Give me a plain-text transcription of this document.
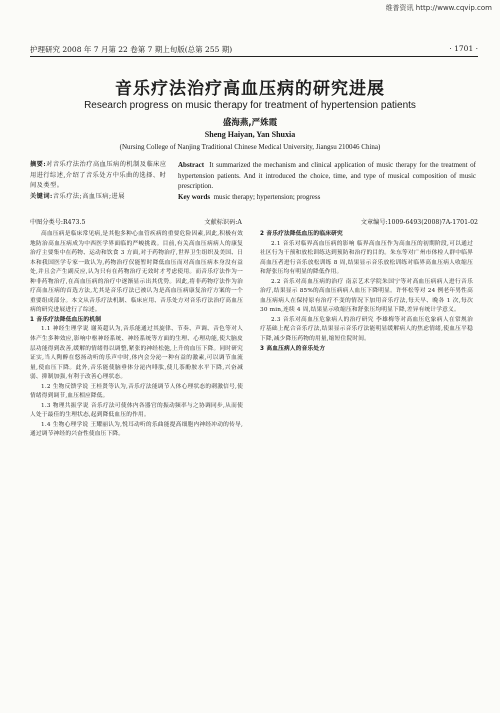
维普资讯 http://www.cqvip.com
护理研究 2008 年 7 月第 22 卷第 7 期上旬版(总第 255 期)	· 1701 ·
音乐疗法治疗高血压病的研究进展
Research progress on music therapy for treatment of hypertension patients
盛海燕,严姝霞
Sheng Haiyan, Yan Shuxia
(Nursing College of Nanjing Traditional Chinese Medical University, Jiangsu 210046 China)
摘要:对音乐疗法治疗高血压病的机制及临床应用进行综述,介绍了音乐处方中乐曲的选择、时间及类型。
关键词:音乐疗法;高血压病;进展
Abstract It summarized the mechanism and clinical application of music therapy for the treatment of hypertension patients. And it introduced the choice, time, and type of musical composition of music prescription.
Key words music therapy; hypertension; progress
中图分类号:R473.5	文献标识码:A	文章编号:1009-6493(2008)7A-1701-02

高血压病是临床常见病,是其他多种心血管疾病的重要危险因素,因此,积极有效地防治高血压病成为中西医学界面临的严峻挑战。目前,有关高血压病病人的康复治疗主要集中在药物、运动和饮食 3 方面,对于药物治疗,世界卫生组织及美国、日本和我国医学专家一致认为,药物治疗仅能暂时降低血压而对高血压病本身没有益处,并且会产生副反应,认为只有在药物治疗无效时才考虑使用。而音乐疗法作为一种非药物治疗,在高血压病的治疗中逐渐显示出其优势。因此,将非药物疗法作为治疗高血压病的首选方法,尤其是音乐疗法已被认为是高血压病康复治疗方案的一个重要组成部分。本文从音乐疗法机制、临床应用、音乐处方对音乐疗法治疗高血压病的研究进展进行了综述。

1 音乐疗法降低血压的机制

1.1 神经生理学说 谢英超认为,音乐能通过其旋律、节奏、声调、音色等对人体产生多种效应,影响中枢神经系统、神经系统等方面的生理、心理功能,使大脑皮层功能得到改善,缓解的情绪得以调整,紧张的神经松弛,上升的血压下降。同时研究证实,当人陶醉在悠扬动听的乐声中时,体内会分泌一种有益的激素,可以调节血流量,使血压下降。此外,音乐能使脑垂体分泌内啡肽,使儿茶酚胺水平下降,兴奋减弱、抑制加强,有利于改善心理状态。

1.2 生物反馈学说 王桂贤等认为,音乐疗法能调节人体心理状态的刺激信号,使情绪得到调节,血压相应降低。

1.3 物理共振学说 音乐疗法可使体内各器官的振动频率与之协调同步,从而使人处于最佳的生理状态,起到降低血压的作用。

1.4 生物心理学说 王耀丽认为,悦耳动听的乐曲能提高细胞内神经冲动的传导,通过调节神经的兴奋性使血压下降。

2 音乐疗法降低血压的临床研究

2.1 音乐对临界高血压病的影响 临界高血压作为高血压的初期阶段,可以通过社区行为干预和放松训练达到预防和治疗的目的。朱东等对广州市体检人群中临界高血压者进行音乐放松训练 8 周,结果显示音乐放松训练对临界高血压病人收缩压和舒张压均有明显的降低作用。

2.2 音乐对高血压病的治疗 南京艺术学院朱国宁等对高血压病病人进行音乐治疗,结果显示 85%的高血压病病人血压下降明显。许怀松等对 24 例老年男性高血压病病人在保持原有治疗不变的情况下加用音乐疗法,每天早、晚各 1 次,每次 30 min,连续 4 周,结果显示收缩压和舒张压均明显下降,差异有统计学意义。

2.3 音乐对高血压危象病人的治疗研究 李雄梅等对高血压危象病人在常规治疗基础上配合音乐疗法,结果显示音乐疗法能明显缓解病人的焦虑情绪,使血压平稳下降,减少降压药物的用量,缩短住院时间。

3 高血压病人的音乐处方
